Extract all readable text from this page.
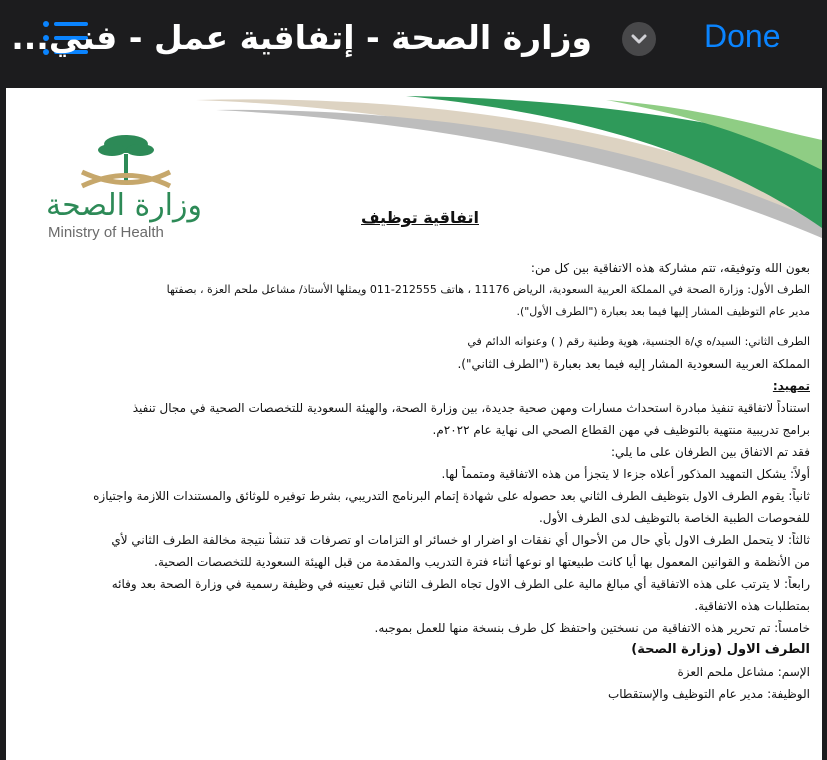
وزارة الصحة - إتفاقية عمل - فني...	Done
وزارة الصحة
Ministry of Health
اتفاقية توظيف

بعون الله وتوفيقه، تتم مشاركة هذه الاتفاقية بين كل من:

الطرف الأول: وزارة الصحة في المملكة العربية السعودية، الرياض 11176 ، هاتف 212555-011 ويمثلها الأستاذ/ مشاعل ملحم العزة ، بصفتها

مدير عام التوظيف المشار إليها فيما بعد بعبارة ("الطرف الأول").

الطرف الثاني: السيد/ه ي/ة الجنسية، هوية وطنية رقم ( ) وعنوانه الدائم في

المملكة العربية السعودية المشار إليه فيما بعد بعبارة ("الطرف الثاني").

تمهيد:

استناداً لاتفاقية تنفيذ مبادرة استحداث مسارات ومهن صحية جديدة، بين وزارة الصحة، والهيئة السعودية للتخصصات الصحية في مجال تنفيذ

برامج تدريبية منتهية بالتوظيف في مهن القطاع الصحي الى نهاية عام ٢٠٢٢م.

فقد تم الاتفاق بين الطرفان على ما يلي:

أولاً: يشكل التمهيد المذكور أعلاه جزءا لا يتجزأ من هذه الاتفاقية ومتمماً لها.

ثانياً: يقوم الطرف الاول بتوظيف الطرف الثاني بعد حصوله على شهادة إتمام البرنامج التدريبي، بشرط توفيره للوثائق والمستندات اللازمة واجتيازه

للفحوصات الطبية الخاصة بالتوظيف لدى الطرف الأول.

ثالثاً: لا يتحمل الطرف الاول بأي حال من الأحوال أي نفقات او اضرار او خسائر او التزامات او تصرفات قد تنشأ نتيجة مخالفة الطرف الثاني لأي

من الأنظمة و القوانين المعمول بها أيا كانت طبيعتها او نوعها أثناء فترة التدريب والمقدمة من قبل الهيئة السعودية للتخصصات الصحية.

رابعاً: لا يترتب على هذه الاتفاقية أي مبالغ مالية على الطرف الاول تجاه الطرف الثاني قبل تعيينه في وظيفة رسمية في وزارة الصحة بعد وفائه

بمتطلبات هذه الاتفاقية.

خامساً: تم تحرير هذه الاتفاقية من نسختين واحتفظ كل طرف بنسخة منها للعمل بموجبه.

الطرف الاول (وزارة الصحة)

الإسم: مشاعل ملحم العزة

الوظيفة: مدير عام التوظيف والإستقطاب
